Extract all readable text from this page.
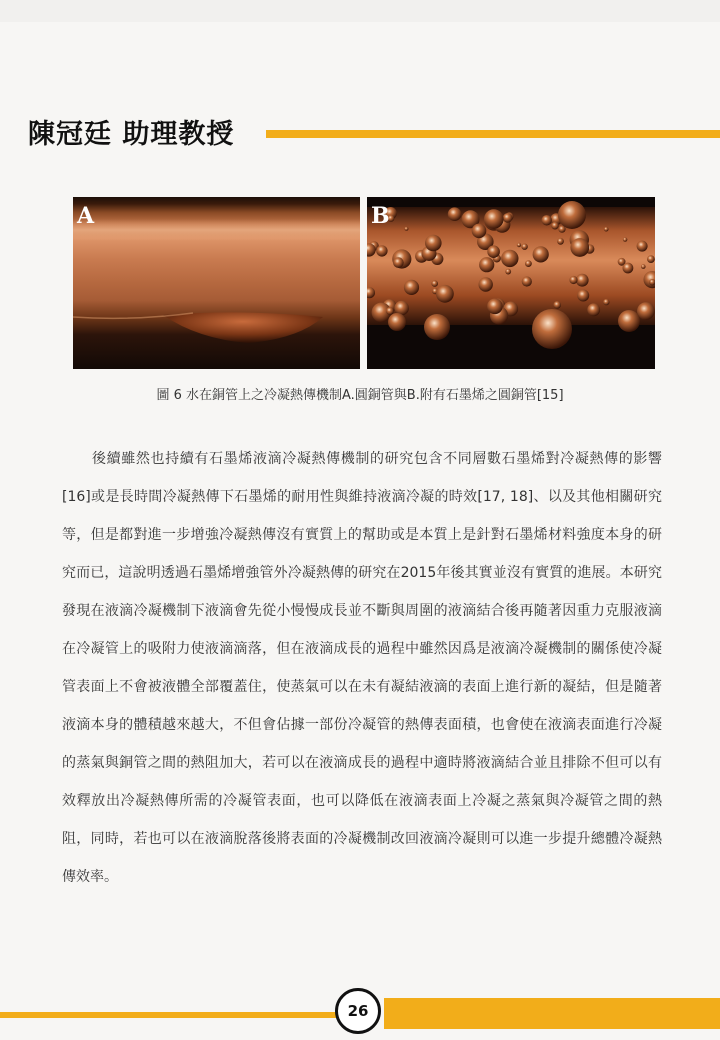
陳冠廷 助理教授
A	B
圖 6 水在銅管上之冷凝熱傳機制A.圓銅管與B.附有石墨烯之圓銅管[15]

後續雖然也持續有石墨烯液滴冷凝熱傳機制的研究包含不同層數石墨烯對冷凝熱傳的影響[16]或是長時間冷凝熱傳下石墨烯的耐用性與維持液滴冷凝的時效[17, 18]、以及其他相關研究等，但是都對進一步增強冷凝熱傳沒有實質上的幫助或是本質上是針對石墨烯材料強度本身的研究而已，這說明透過石墨烯增強管外冷凝熱傳的研究在2015年後其實並沒有實質的進展。本研究發現在液滴冷凝機制下液滴會先從小慢慢成長並不斷與周圍的液滴結合後再隨著因重力克服液滴在冷凝管上的吸附力使液滴滴落，但在液滴成長的過程中雖然因爲是液滴冷凝機制的關係使冷凝管表面上不會被液體全部覆蓋住，使蒸氣可以在未有凝結液滴的表面上進行新的凝結，但是隨著液滴本身的體積越來越大，不但會佔據一部份冷凝管的熱傳表面積，也會使在液滴表面進行冷凝的蒸氣與銅管之間的熱阻加大，若可以在液滴成長的過程中適時將液滴結合並且排除不但可以有效釋放出冷凝熱傳所需的冷凝管表面，也可以降低在液滴表面上冷凝之蒸氣與冷凝管之間的熱阻，同時，若也可以在液滴脫落後將表面的冷凝機制改回液滴冷凝則可以進一步提升總體冷凝熱傳效率。

26
